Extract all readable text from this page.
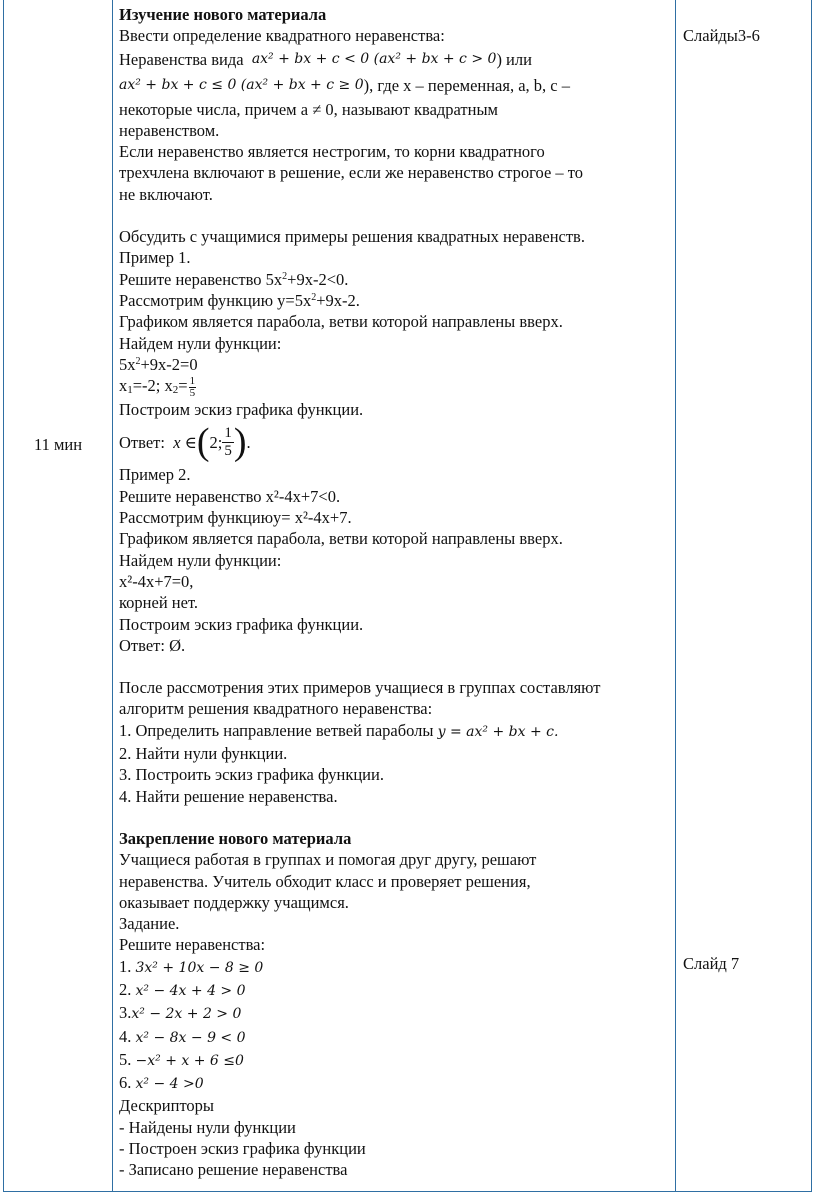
11 мин
Слайды3-6
Слайд 7

Изучение нового материала

Ввести определение квадратного неравенства:

Неравенства вида
ax² + bx + c < 0 ( ax² + bx + c > 0 ) или

ax² + bx + c ≤ 0 ( ax² + bx + c ≥ 0 ), где x – переменная, a, b, c –

некоторые числа, причем a ≠ 0, называют квадратным

неравенством.

Если неравенство является нестрогим, то корни квадратного

трехчлена включают в решение, если же неравенство строгое – то

не включают.

Обсудить с учащимися примеры решения квадратных неравенств.

Пример 1.

Решите неравенство $5x^2+9x-2<0$.

Рассмотрим функцию $y=5x^2+9x-2$.

Графиком является парабола, ветви которой направлены вверх.

Найдем нули функции:

$5x^2+9x-2=0$

$x_1=-2$; $x_2= \frac{1}{5}$

Построим эскиз графика функции.

Ответ:
x ∈ ( 2; $\frac{1}{5}$ ) .

Пример 2.

Решите неравенство x²-4x+7<0.

Рассмотрим функциюy= x²-4x+7.

Графиком является парабола, ветви которой направлены вверх.

Найдем нули функции:

x²-4x+7=0,

корней нет.

Построим эскиз графика функции.

Ответ: Ø.

После рассмотрения этих примеров учащиеся в группах составляют

алгоритм решения квадратного неравенства:

1. Определить направление ветвей параболы y = ax² + bx + c.

2. Найти нули функции.

3. Построить эскиз графика функции.

4. Найти решение неравенства.

Закрепление нового материала

Учащиеся работая в группах и помогая друг другу, решают

неравенства. Учитель обходит класс и проверяет решения,

оказывает поддержку учащимся.

Задание.

Решите неравенства:

1. 3x² + 10x − 8 ≥ 0

2. x² − 4x + 4 > 0

3.x² − 2x + 2 > 0

4. x² − 8x − 9 < 0

5. −x² + x + 6 ≤0

6. x² − 4 >0

Дескрипторы

- Найдены нули функции

- Построен эскиз графика функции

- Записано решение неравенства
